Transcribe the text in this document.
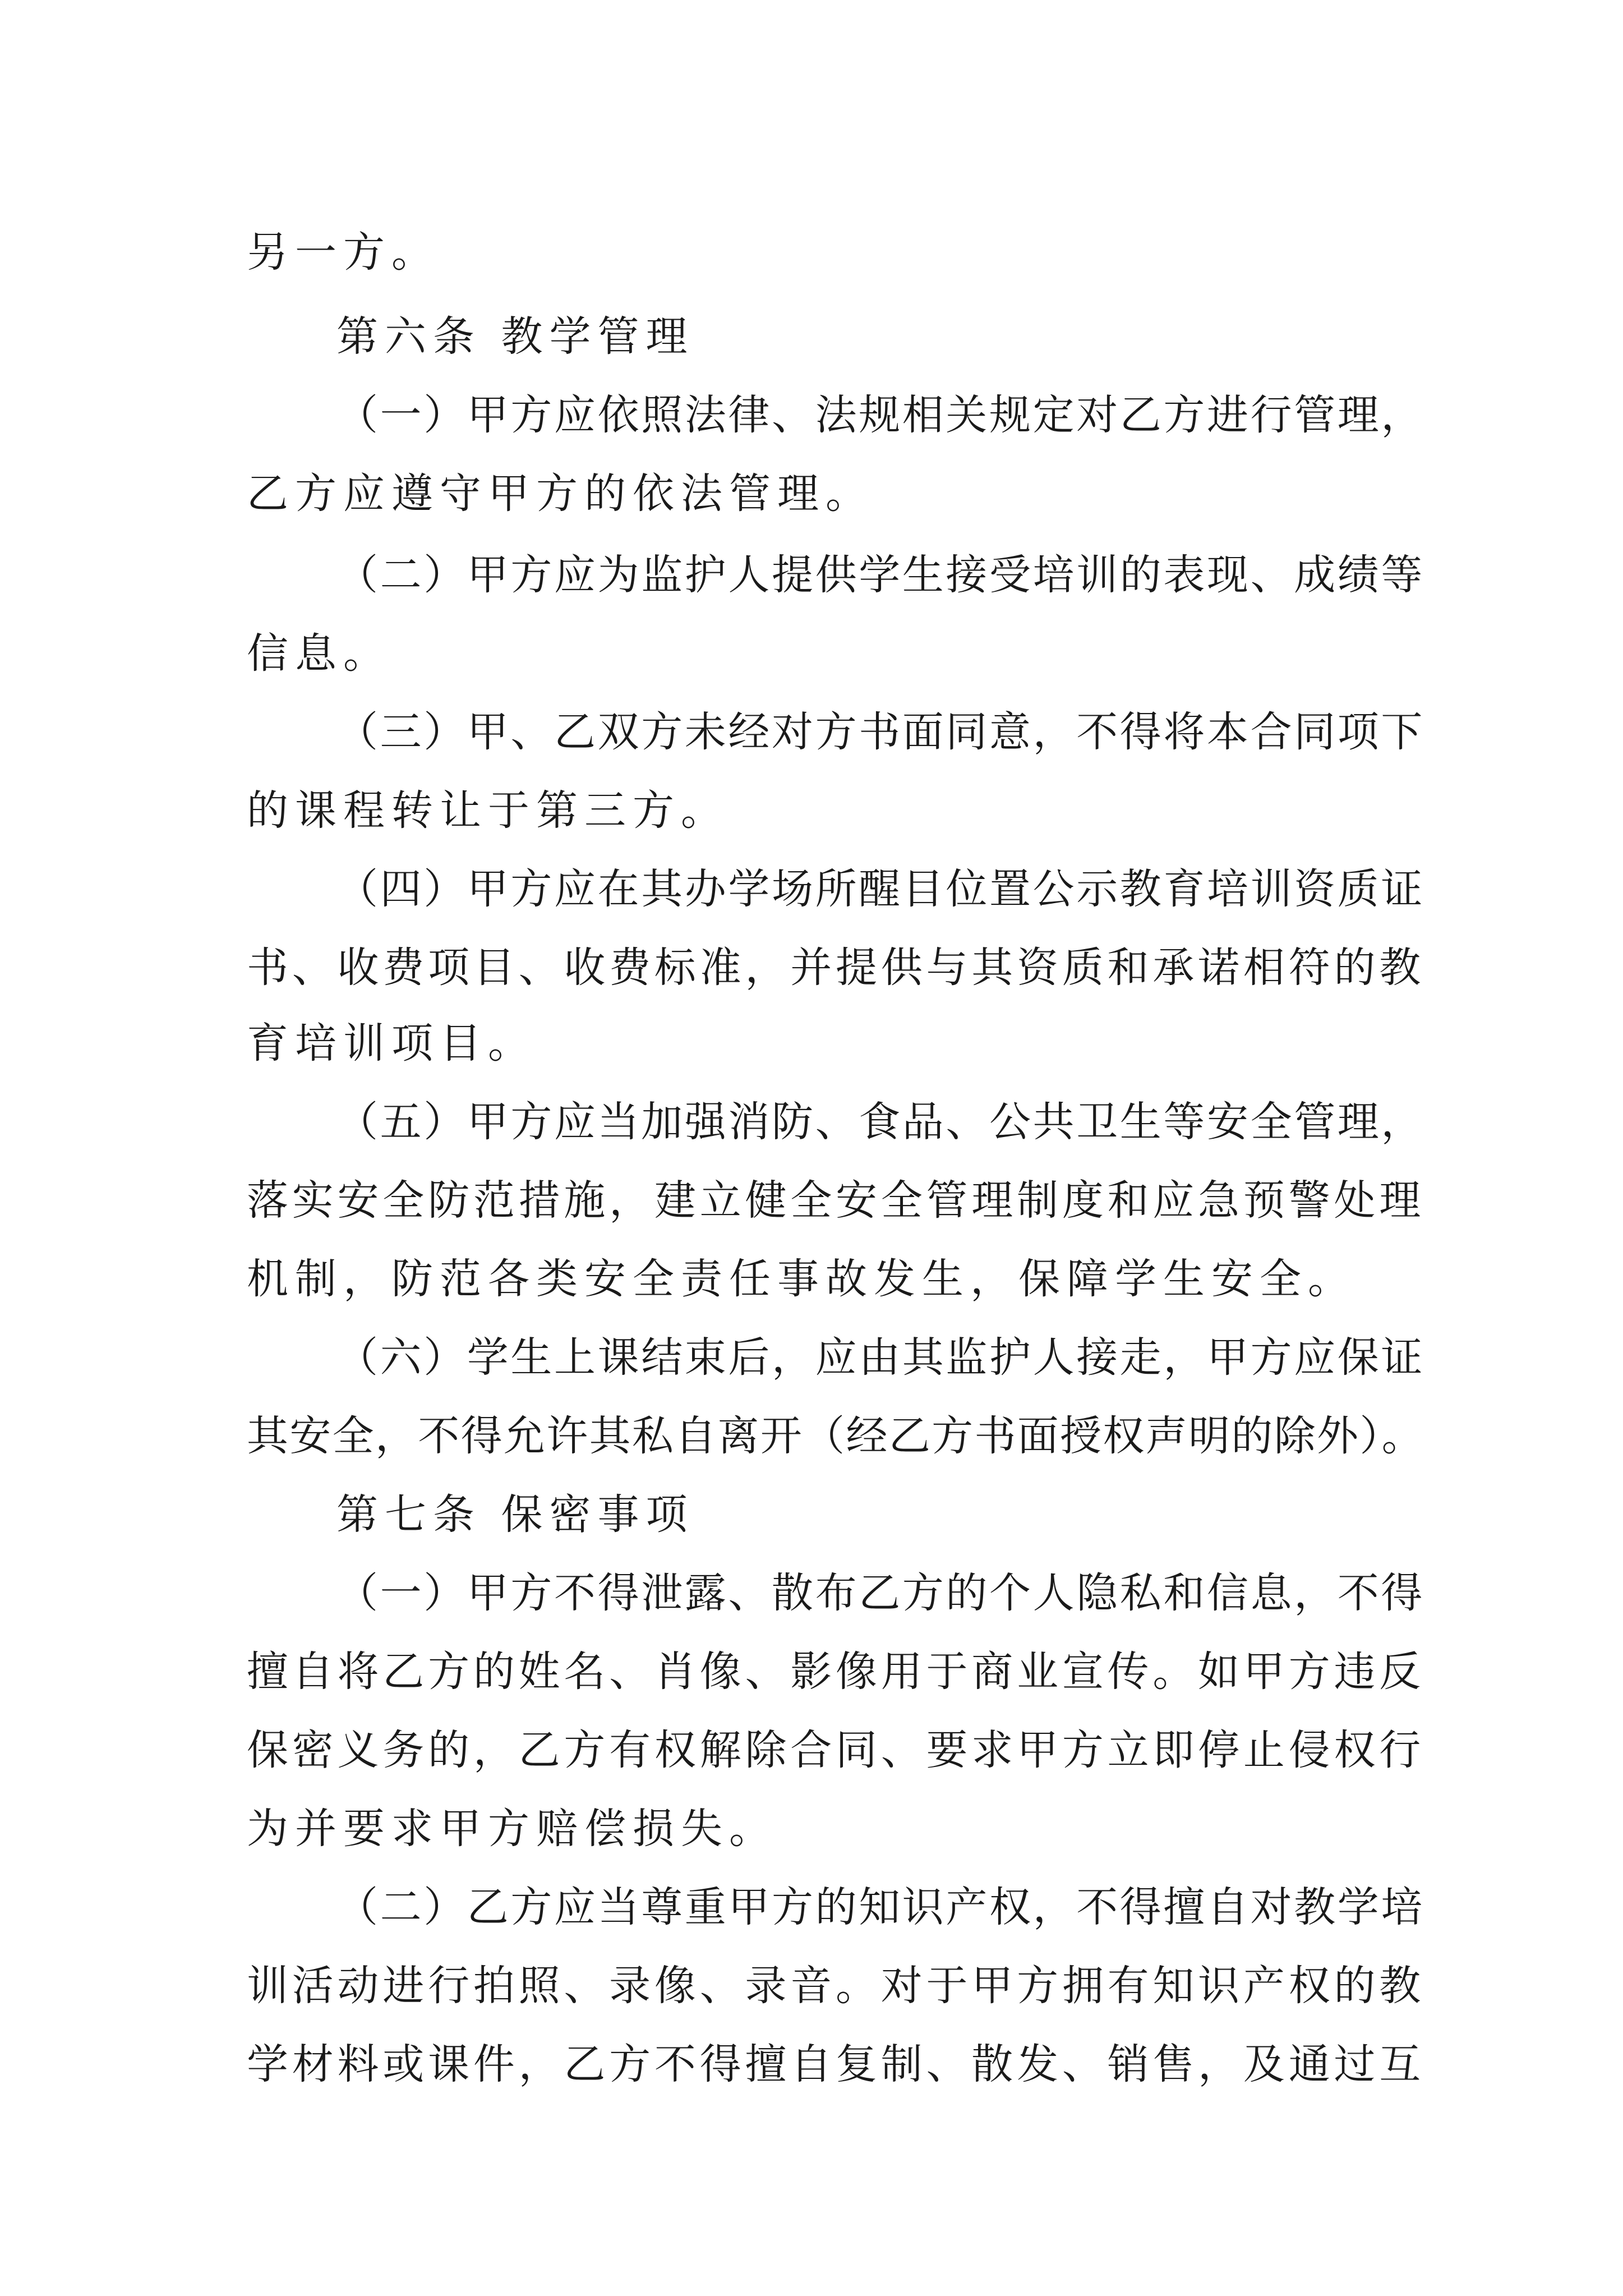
另一方。
第六条 教学管理
（一）甲方应依照法律、法规相关规定对乙方进行管理，
乙方应遵守甲方的依法管理。
（二）甲方应为监护人提供学生接受培训的表现、成绩等
信息。
（三）甲、乙双方未经对方书面同意，不得将本合同项下
的课程转让于第三方。
（四）甲方应在其办学场所醒目位置公示教育培训资质证
书、收费项目、收费标准，并提供与其资质和承诺相符的教
育培训项目。
（五）甲方应当加强消防、食品、公共卫生等安全管理，
落实安全防范措施，建立健全安全管理制度和应急预警处理
机制，防范各类安全责任事故发生，保障学生安全。
（六）学生上课结束后，应由其监护人接走，甲方应保证
其安全，不得允许其私自离开（经乙方书面授权声明的除外）。
第七条 保密事项
（一）甲方不得泄露、散布乙方的个人隐私和信息，不得
擅自将乙方的姓名、肖像、影像用于商业宣传。如甲方违反
保密义务的，乙方有权解除合同、要求甲方立即停止侵权行
为并要求甲方赔偿损失。
（二）乙方应当尊重甲方的知识产权，不得擅自对教学培
训活动进行拍照、录像、录音。对于甲方拥有知识产权的教
学材料或课件，乙方不得擅自复制、散发、销售，及通过互
